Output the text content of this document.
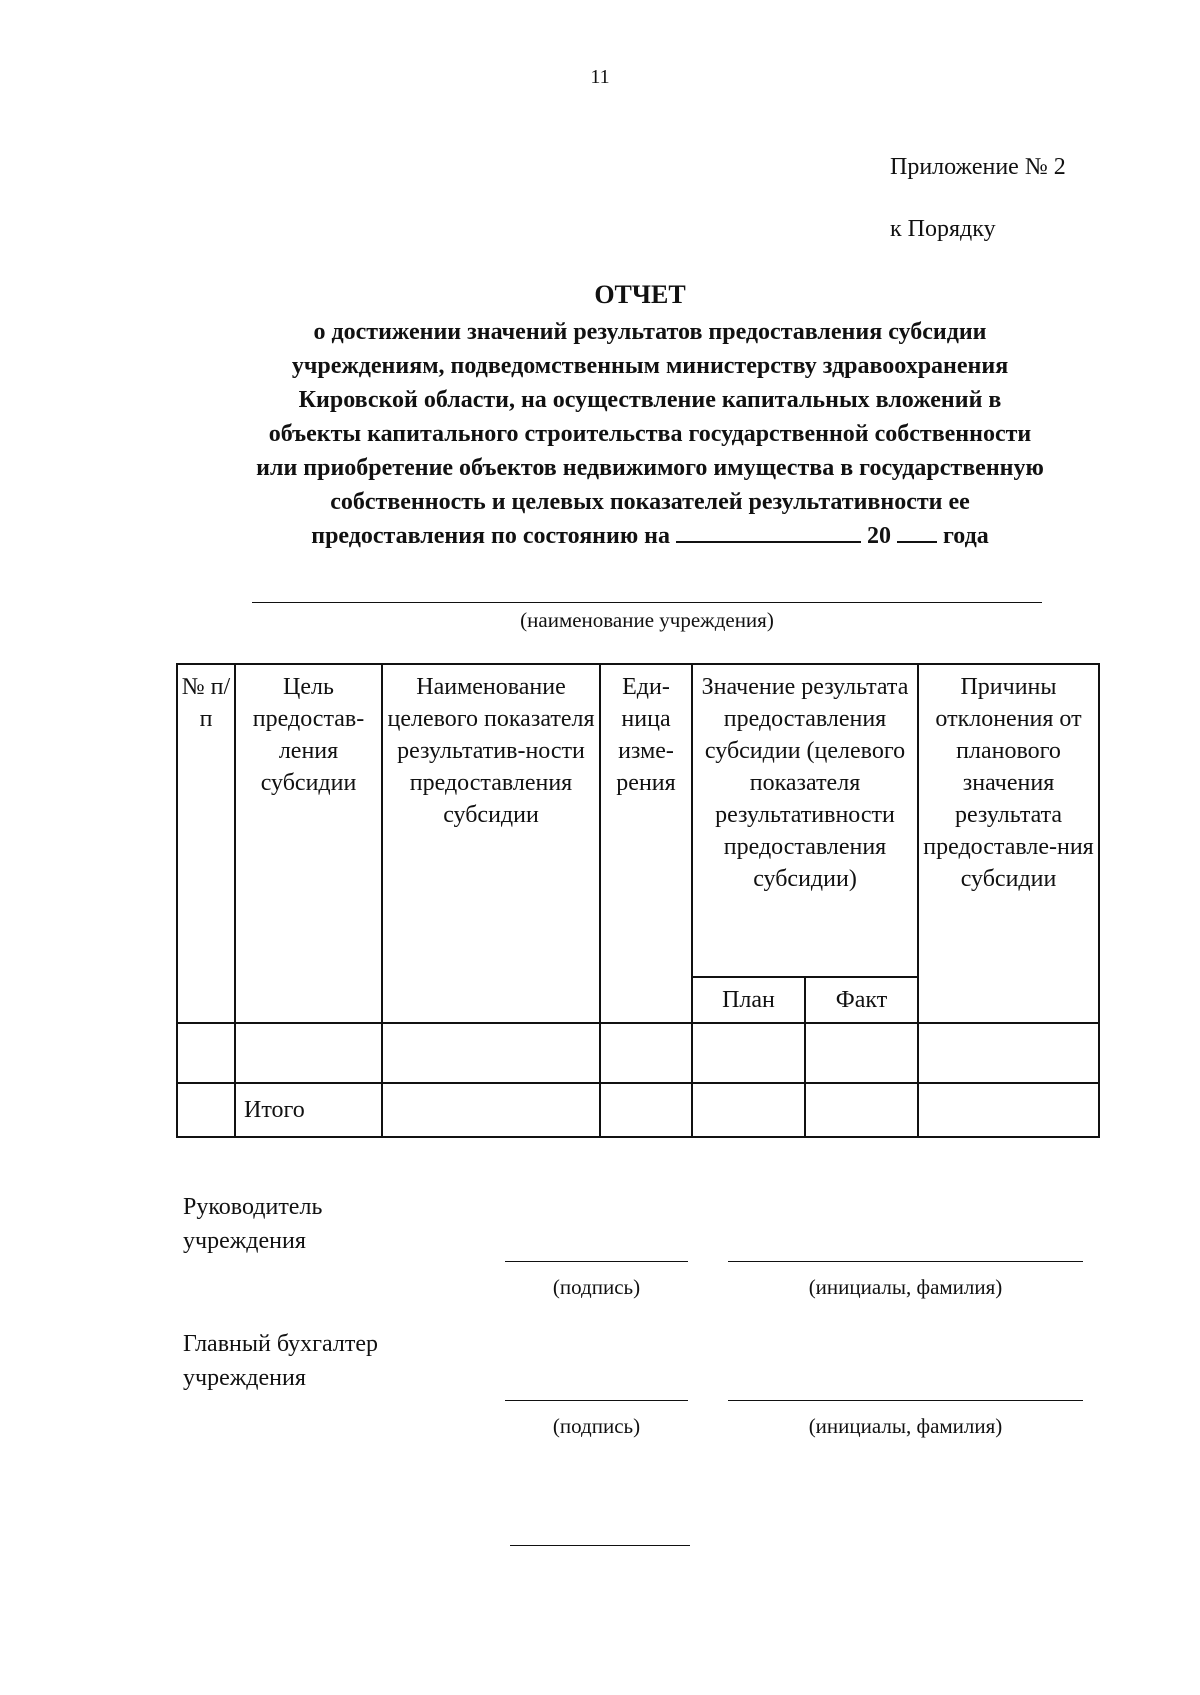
11
Приложение № 2
к Порядку
ОТЧЕТ
о достижении значений результатов предоставления субсидии
учреждениям, подведомственным министерству здравоохранения
Кировской области, на осуществление капитальных вложений в
объекты капитального строительства государственной собственности
или приобретение объектов недвижимого имущества в государственную
собственность и целевых показателей результативности ее
предоставления по состоянию на	20 года
(наименование учреждения)
№ п/п	Цель предостав-ления субсидии	Наименование целевого показателя результатив-ности предоставления субсидии	Еди-ница изме-рения	Значение результата предоставления субсидии (целевого показателя результативности предоставления субсидии)		Причины отклонения от планового значения результата предоставле-ния субсидии
				План	Факт	

	Итого					
Руководитель
учреждения
(подпись)	(инициалы, фамилия)
Главный бухгалтер
учреждения
(подпись)	(инициалы, фамилия)
